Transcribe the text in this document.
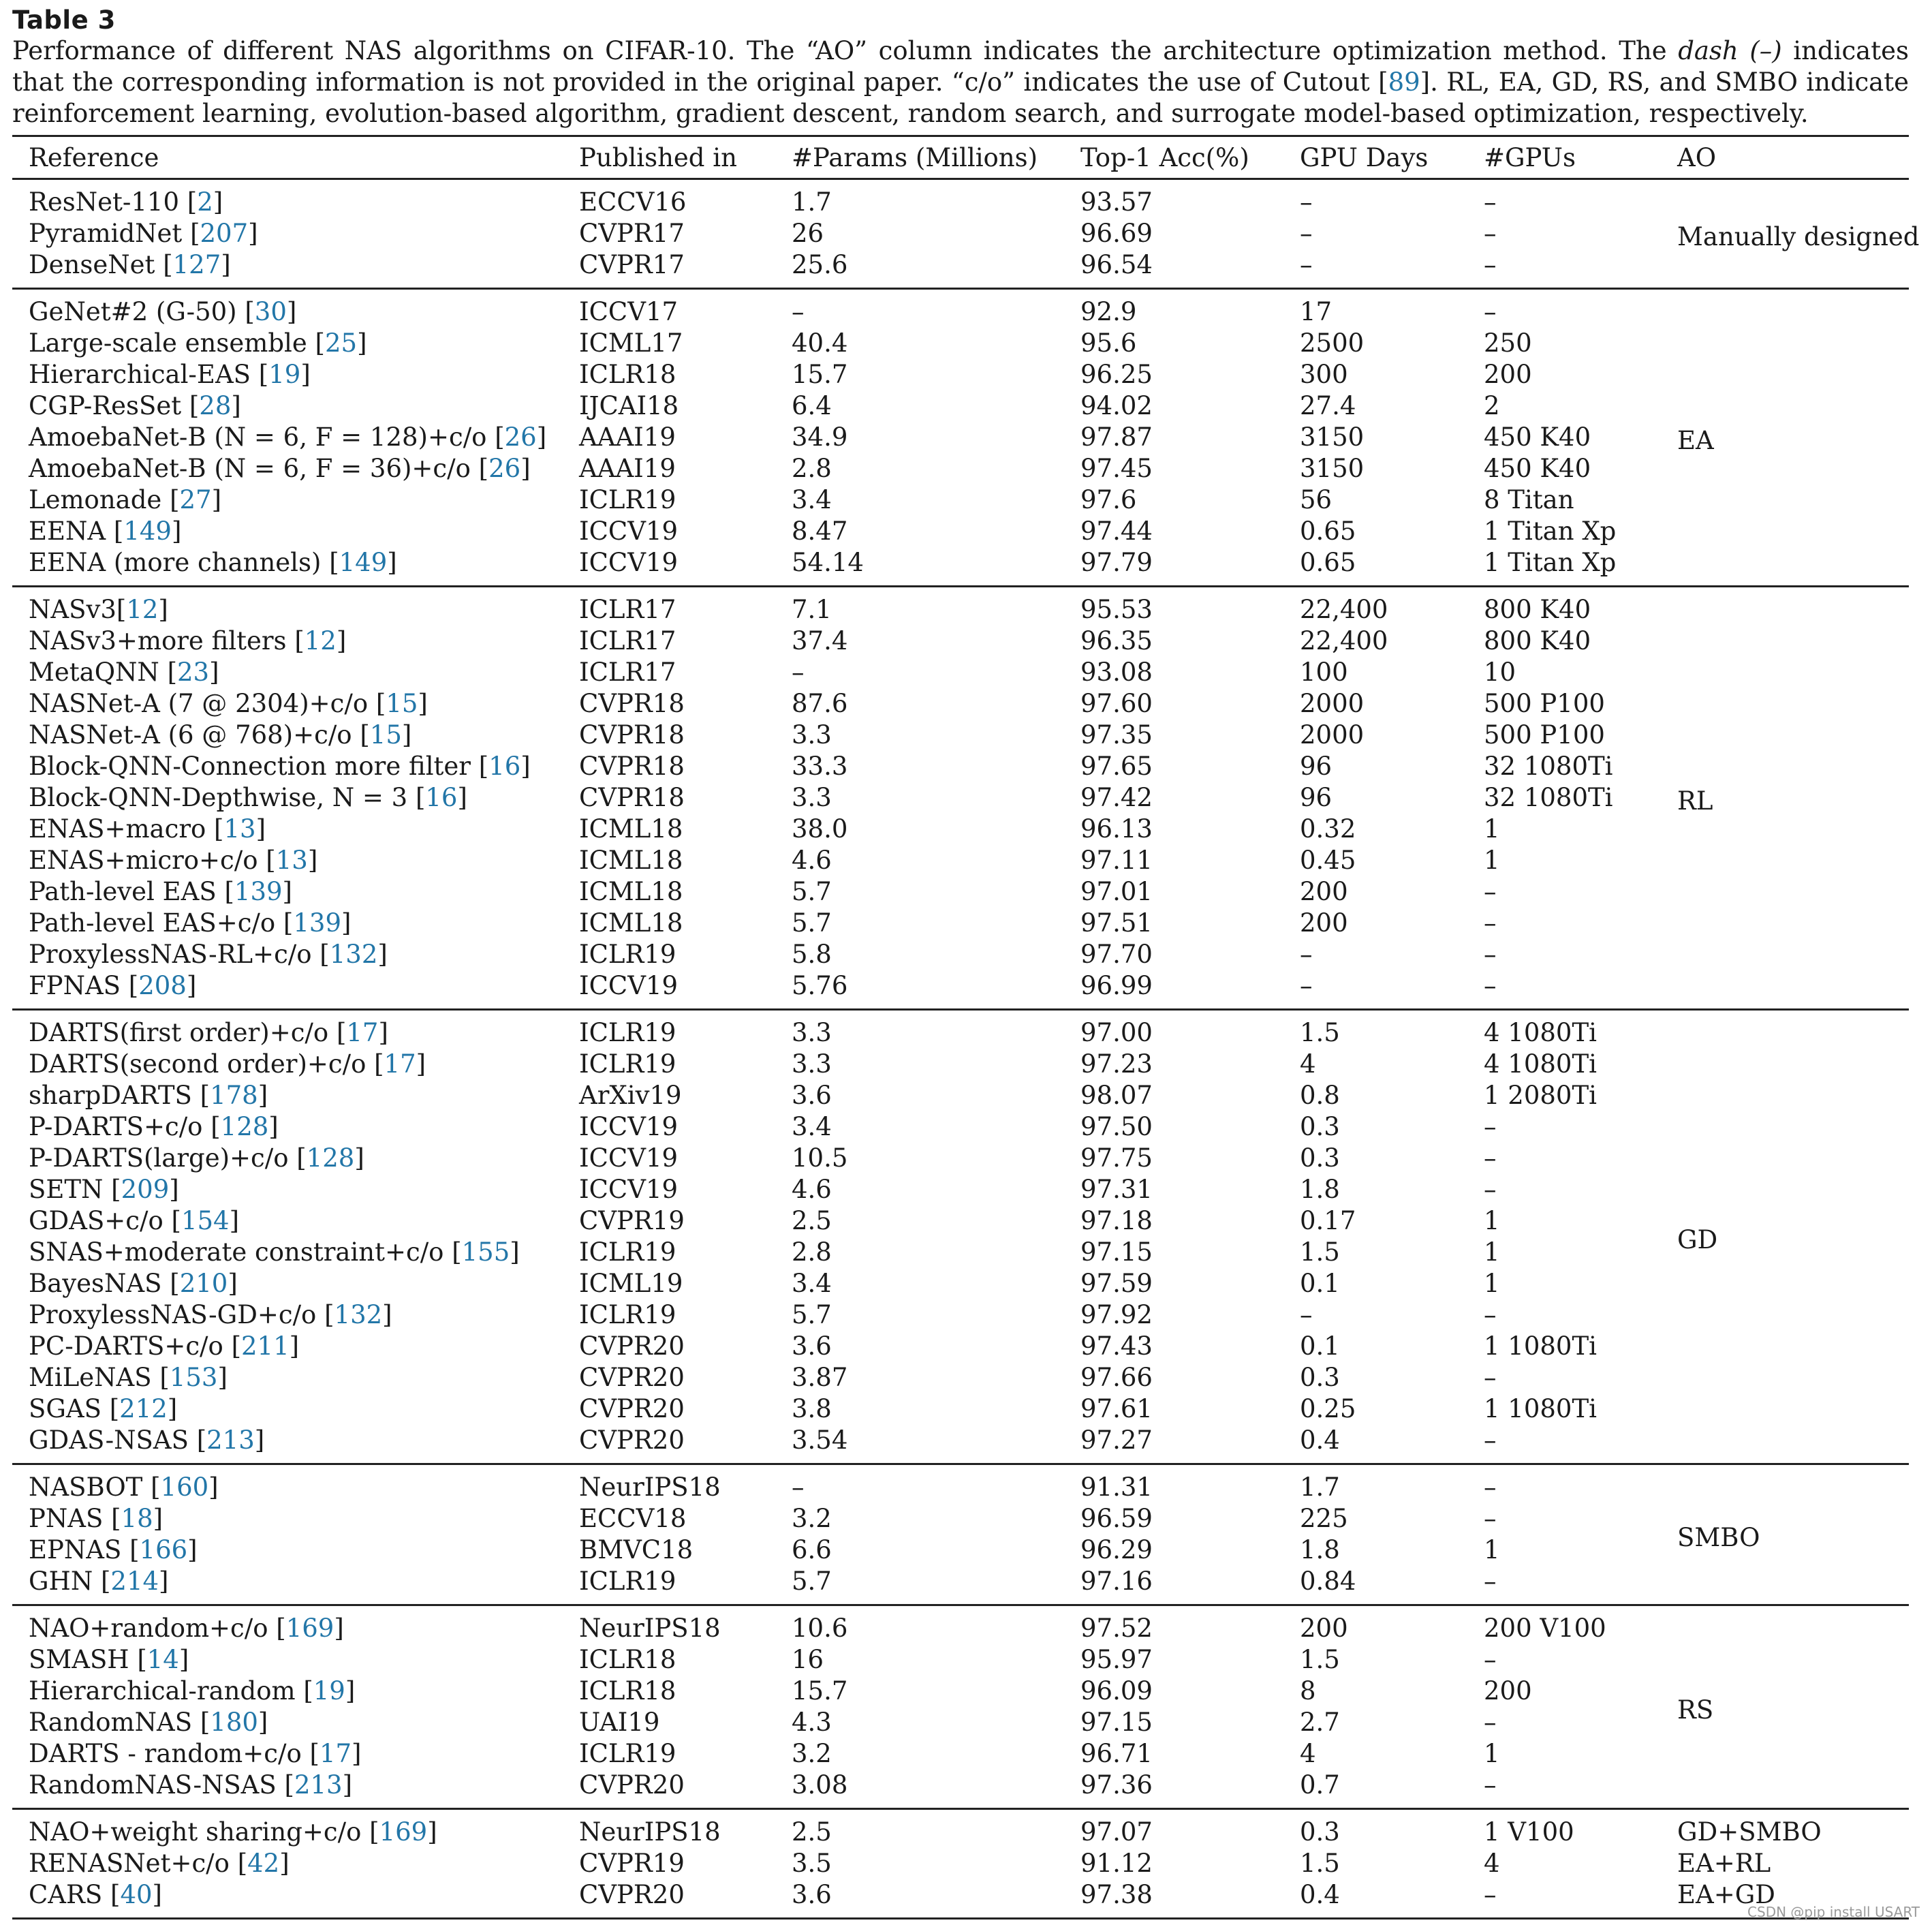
Table 3
Performance of different NAS algorithms on CIFAR-10. The “AO” column indicates the architecture optimization method. The dash (–) indicates that the corresponding information is not provided in the original paper. “c/o” indicates the use of Cutout [89]. RL, EA, GD, RS, and SMBO indicate reinforcement learning, evolution-based algorithm, gradient descent, random search, and surrogate model-based optimization, respectively.
Reference	Published in	#Params (Millions)	Top-1 Acc(%)	GPU Days	#GPUs	AO
ResNet-110 [2]	ECCV16	1.7	93.57	–	–	Manually designed
PyramidNet [207]	CVPR17	26	96.69	–	–	
DenseNet [127]	CVPR17	25.6	96.54	–	–	
GeNet#2 (G-50) [30]	ICCV17	–	92.9	17	–	EA
Large-scale ensemble [25]	ICML17	40.4	95.6	2500	250	
Hierarchical-EAS [19]	ICLR18	15.7	96.25	300	200	
CGP-ResSet [28]	IJCAI18	6.4	94.02	27.4	2	
AmoebaNet-B (N = 6, F = 128)+c/o [26]	AAAI19	34.9	97.87	3150	450 K40	
AmoebaNet-B (N = 6, F = 36)+c/o [26]	AAAI19	2.8	97.45	3150	450 K40	
Lemonade [27]	ICLR19	3.4	97.6	56	8 Titan	
EENA [149]	ICCV19	8.47	97.44	0.65	1 Titan Xp	
EENA (more channels) [149]	ICCV19	54.14	97.79	0.65	1 Titan Xp	
NASv3[12]	ICLR17	7.1	95.53	22,400	800 K40	RL
NASv3+more filters [12]	ICLR17	37.4	96.35	22,400	800 K40	
MetaQNN [23]	ICLR17	–	93.08	100	10	
NASNet-A (7 @ 2304)+c/o [15]	CVPR18	87.6	97.60	2000	500 P100	
NASNet-A (6 @ 768)+c/o [15]	CVPR18	3.3	97.35	2000	500 P100	
Block-QNN-Connection more filter [16]	CVPR18	33.3	97.65	96	32 1080Ti	
Block-QNN-Depthwise, N = 3 [16]	CVPR18	3.3	97.42	96	32 1080Ti	
ENAS+macro [13]	ICML18	38.0	96.13	0.32	1	
ENAS+micro+c/o [13]	ICML18	4.6	97.11	0.45	1	
Path-level EAS [139]	ICML18	5.7	97.01	200	–	
Path-level EAS+c/o [139]	ICML18	5.7	97.51	200	–	
ProxylessNAS-RL+c/o [132]	ICLR19	5.8	97.70	–	–	
FPNAS [208]	ICCV19	5.76	96.99	–	–	
DARTS(first order)+c/o [17]	ICLR19	3.3	97.00	1.5	4 1080Ti	GD
DARTS(second order)+c/o [17]	ICLR19	3.3	97.23	4	4 1080Ti	
sharpDARTS [178]	ArXiv19	3.6	98.07	0.8	1 2080Ti	
P-DARTS+c/o [128]	ICCV19	3.4	97.50	0.3	–	
P-DARTS(large)+c/o [128]	ICCV19	10.5	97.75	0.3	–	
SETN [209]	ICCV19	4.6	97.31	1.8	–	
GDAS+c/o [154]	CVPR19	2.5	97.18	0.17	1	
SNAS+moderate constraint+c/o [155]	ICLR19	2.8	97.15	1.5	1	
BayesNAS [210]	ICML19	3.4	97.59	0.1	1	
ProxylessNAS-GD+c/o [132]	ICLR19	5.7	97.92	–	–	
PC-DARTS+c/o [211]	CVPR20	3.6	97.43	0.1	1 1080Ti	
MiLeNAS [153]	CVPR20	3.87	97.66	0.3	–	
SGAS [212]	CVPR20	3.8	97.61	0.25	1 1080Ti	
GDAS-NSAS [213]	CVPR20	3.54	97.27	0.4	–	
NASBOT [160]	NeurIPS18	–	91.31	1.7	–	SMBO
PNAS [18]	ECCV18	3.2	96.59	225	–	
EPNAS [166]	BMVC18	6.6	96.29	1.8	1	
GHN [214]	ICLR19	5.7	97.16	0.84	–	
NAO+random+c/o [169]	NeurIPS18	10.6	97.52	200	200 V100	RS
SMASH [14]	ICLR18	16	95.97	1.5	–	
Hierarchical-random [19]	ICLR18	15.7	96.09	8	200	
RandomNAS [180]	UAI19	4.3	97.15	2.7	–	
DARTS - random+c/o [17]	ICLR19	3.2	96.71	4	1	
RandomNAS-NSAS [213]	CVPR20	3.08	97.36	0.7	–	
NAO+weight sharing+c/o [169]	NeurIPS18	2.5	97.07	0.3	1 V100	GD+SMBO
RENASNet+c/o [42]	CVPR19	3.5	91.12	1.5	4	EA+RL
CARS [40]	CVPR20	3.6	97.38	0.4	–	EA+GD
CSDN @pip install USART
